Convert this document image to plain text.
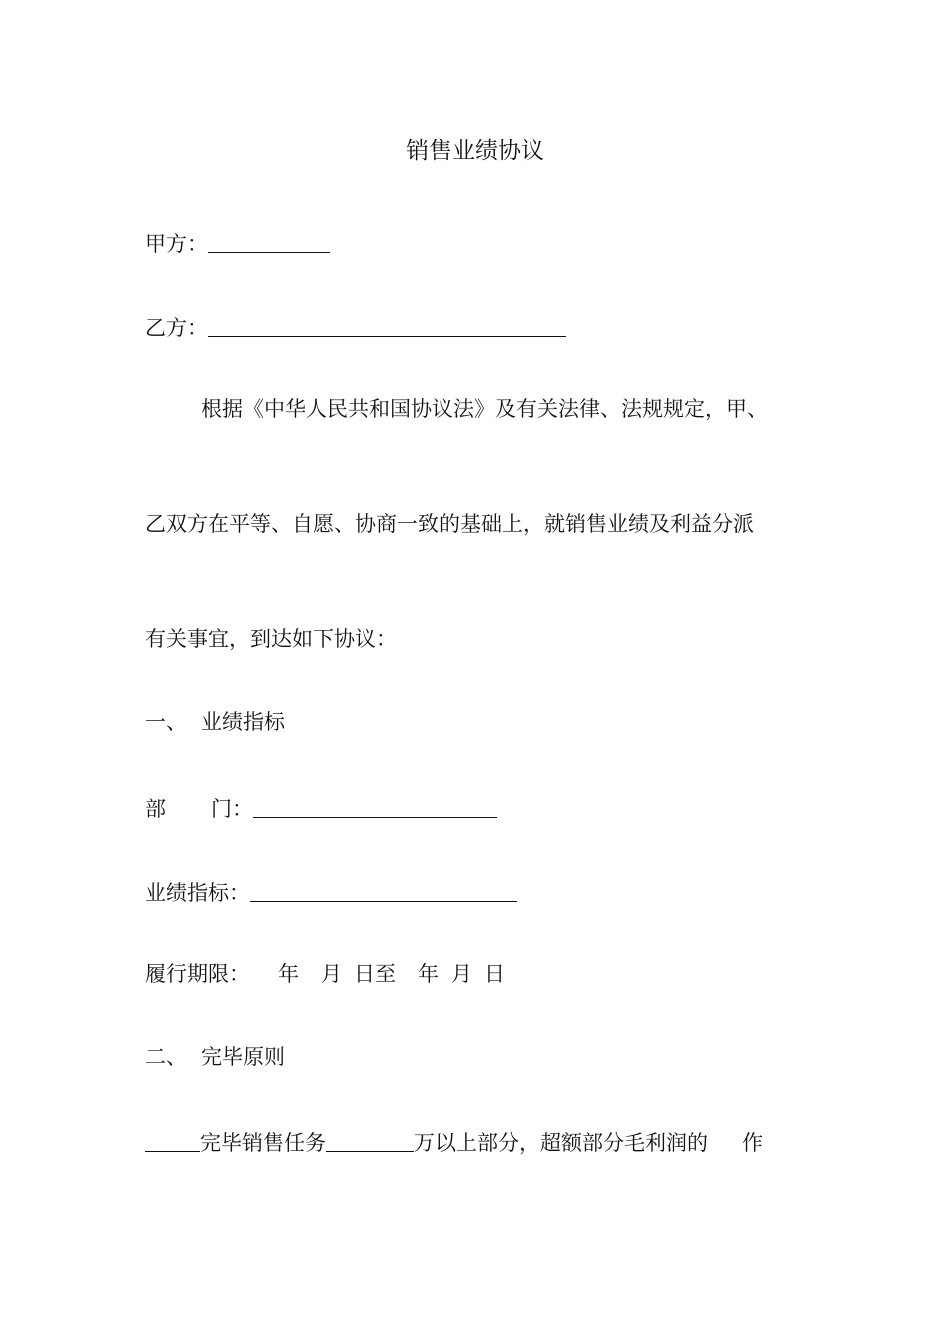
销售业绩协议
甲方：
乙方：
根据《中华人民共和国协议法》及有关法律、法规规定，甲、
乙双方在平等、自愿、协商一致的基础上，就销售业绩及利益分派
有关事宜，到达如下协议：
一、 业绩指标
部 门：
业绩指标：
履行期限： 年 月 日至 年 月 日
二、 完毕原则
完毕销售任务	万以上部分，超额部分毛利润的 作
